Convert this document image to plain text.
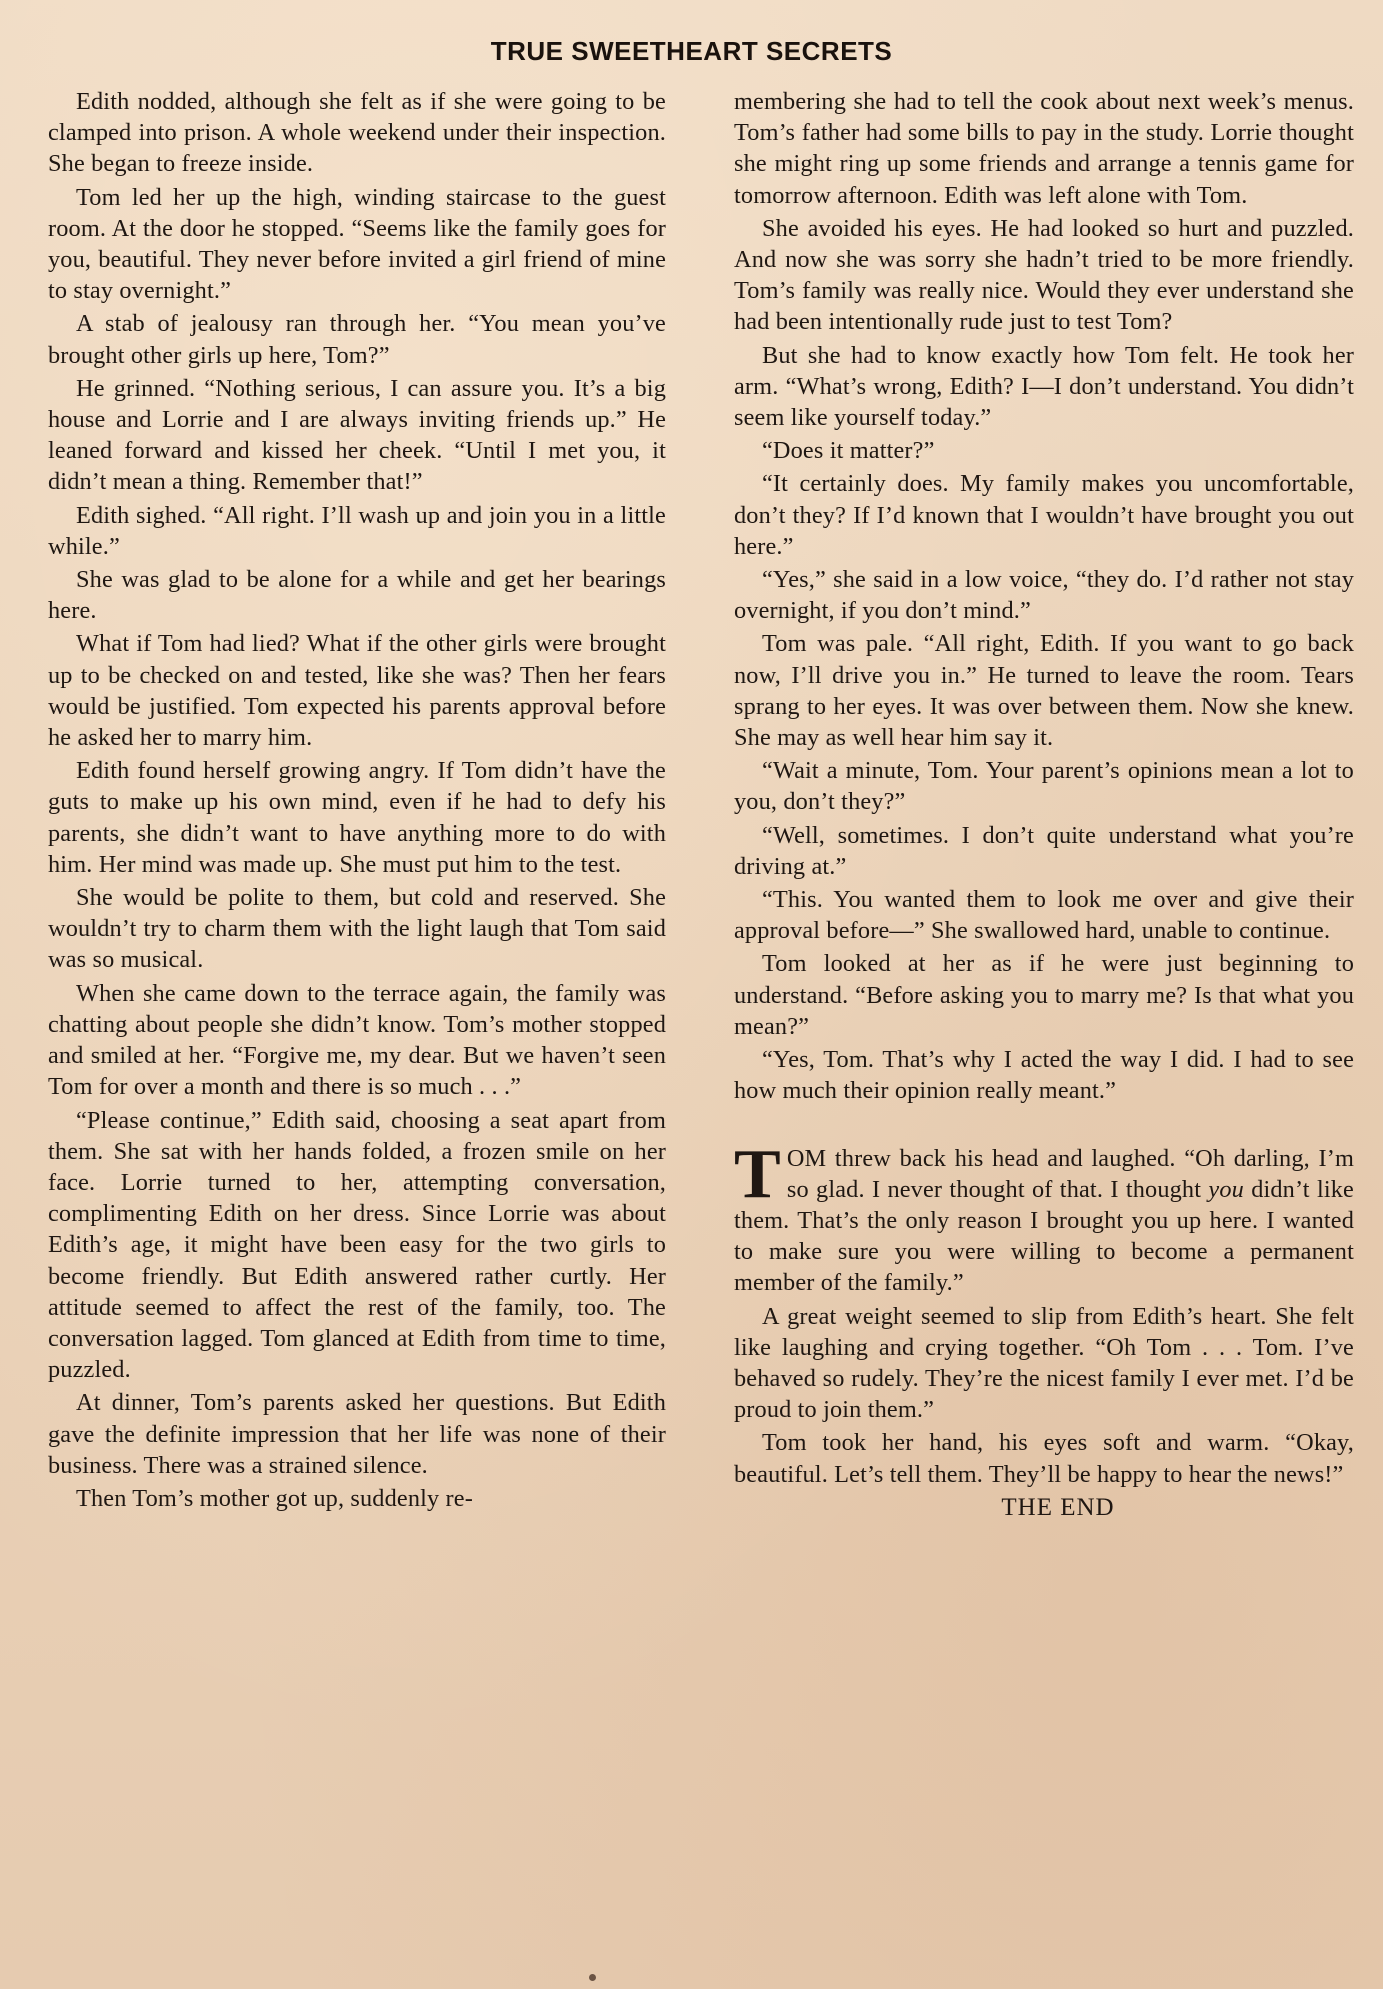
TRUE SWEETHEART SECRETS

Edith nodded, although she felt as if she were going to be clamped into prison. A whole weekend under their inspection. She began to freeze inside.

Tom led her up the high, winding staircase to the guest room. At the door he stopped. “Seems like the family goes for you, beautiful. They never before invited a girl friend of mine to stay overnight.”

A stab of jealousy ran through her. “You mean you’ve brought other girls up here, Tom?”

He grinned. “Nothing serious, I can assure you. It’s a big house and Lorrie and I are always inviting friends up.” He leaned forward and kissed her cheek. “Until I met you, it didn’t mean a thing. Remember that!”

Edith sighed. “All right. I’ll wash up and join you in a little while.”

She was glad to be alone for a while and get her bearings here.

What if Tom had lied? What if the other girls were brought up to be checked on and tested, like she was? Then her fears would be justified. Tom expected his parents approval before he asked her to marry him.

Edith found herself growing angry. If Tom didn’t have the guts to make up his own mind, even if he had to defy his parents, she didn’t want to have anything more to do with him. Her mind was made up. She must put him to the test.

She would be polite to them, but cold and reserved. She wouldn’t try to charm them with the light laugh that Tom said was so musical.

When she came down to the terrace again, the family was chatting about people she didn’t know. Tom’s mother stopped and smiled at her. “Forgive me, my dear. But we haven’t seen Tom for over a month and there is so much . . .”

“Please continue,” Edith said, choosing a seat apart from them. She sat with her hands folded, a frozen smile on her face. Lorrie turned to her, attempting conversation, complimenting Edith on her dress. Since Lorrie was about Edith’s age, it might have been easy for the two girls to become friendly. But Edith answered rather curtly. Her attitude seemed to affect the rest of the family, too. The conversation lagged. Tom glanced at Edith from time to time, puzzled.

At dinner, Tom’s parents asked her questions. But Edith gave the definite impression that her life was none of their business. There was a strained silence.

Then Tom’s mother got up, suddenly re-

membering she had to tell the cook about next week’s menus. Tom’s father had some bills to pay in the study. Lorrie thought she might ring up some friends and arrange a tennis game for tomorrow afternoon. Edith was left alone with Tom.

She avoided his eyes. He had looked so hurt and puzzled. And now she was sorry she hadn’t tried to be more friendly. Tom’s family was really nice. Would they ever understand she had been intentionally rude just to test Tom?

But she had to know exactly how Tom felt. He took her arm. “What’s wrong, Edith? I—I don’t understand. You didn’t seem like yourself today.”

“Does it matter?”

“It certainly does. My family makes you uncomfortable, don’t they? If I’d known that I wouldn’t have brought you out here.”

“Yes,” she said in a low voice, “they do. I’d rather not stay overnight, if you don’t mind.”

Tom was pale. “All right, Edith. If you want to go back now, I’ll drive you in.” He turned to leave the room. Tears sprang to her eyes. It was over between them. Now she knew. She may as well hear him say it.

“Wait a minute, Tom. Your parent’s opinions mean a lot to you, don’t they?”

“Well, sometimes. I don’t quite understand what you’re driving at.”

“This. You wanted them to look me over and give their approval before—” She swallowed hard, unable to continue.

Tom looked at her as if he were just beginning to understand. “Before asking you to marry me? Is that what you mean?”

“Yes, Tom. That’s why I acted the way I did. I had to see how much their opinion really meant.”

TOM threw back his head and laughed. “Oh darling, I’m so glad. I never thought of that. I thought you didn’t like them. That’s the only reason I brought you up here. I wanted to make sure you were willing to become a permanent member of the family.”

A great weight seemed to slip from Edith’s heart. She felt like laughing and crying together. “Oh Tom . . . Tom. I’ve behaved so rudely. They’re the nicest family I ever met. I’d be proud to join them.”

Tom took her hand, his eyes soft and warm. “Okay, beautiful. Let’s tell them. They’ll be happy to hear the news!”

THE END
